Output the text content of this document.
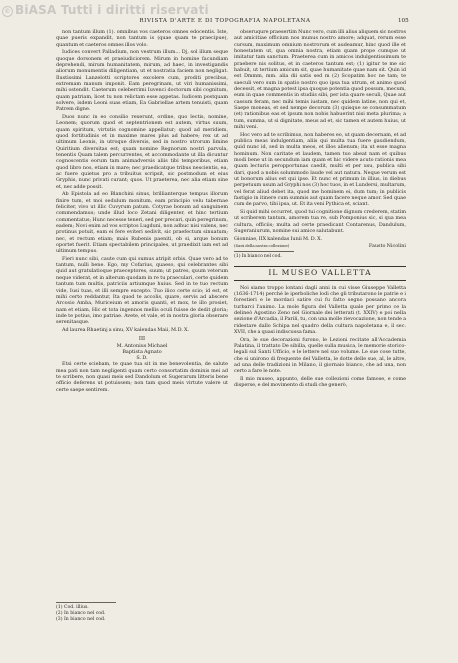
© BiASA Tutti i diritti riservati
RIVISTA D'ARTE E DI TOPOGRAFIA NAPOLETANA	105

non tantum illum (1). omnibus vos caeteros omnes edocentis. Iste, quae pueris expandit, non tantum is (quae quam te praecipue), quantum et caeteros omnes illos volo.

Iudices convert Palladium, non vestrum illum... Dj, sol illum seque quoque dorsonem et praeiudiciorem. Mirum in homine facundiam deprehendi, mirum humanitatem, mirum, ad haec, in investigandis aliorum monumentis diligentiam, ut et nostratia faciem non negligat. Ilustissimi Lanzelotti scriptores excolere cum, proditi precibus, extremam manum imponit. Eam peregrinam, ut viri humanissimi, mihi ostendit. Caeterum celeberrimi Iuvenci doctorum sibi cognitum, quam patriam, licet tu non relictam esse appetas. Iudicem postquam solvere, isdem Leoni suas etiam, Ea Gabriellae artem tenuisti, quam Patrem digne.

Duos nunc in eo consilio rexerunt, ordine, quo lectis, nomine, Leonem; quorum quod et septentrionem est autem, virtus suum, quam spiritum, virtutis cognomine appellatur; quod ad meridiem, quod fortitudinis et in maxime mares plus ad habere; rex ut ad ultimum Leonis, in utroque diversis, sed in nostro utrorum limine Quiritium diversitas est; quam nomine Regnorum nostri parvula, tenentis Quam talem percurrentes, et accommodante ut illa dicuntur cognoscentis eorum tam animadversis aliis tibi temporibus, etiam quod libro nos, etiam in mare; nec praedicatque tribus nescientis, ea, ac fuere quietus pro a tribuitus scripsit, sic postmodum et eius Gryphis, nunc privati curant; quos. Ut praeterea, nec alia etiam sine et, nec adde possit.

Ab Epistola ad eo Blanchini sinus, brillianterque tempus illorum finire tum, et moi sedulum monitum, eam principio velu tabernae feliciter, vivo ut illic Cuvyrum patum. Cotyrae bonum ad sanguinem commendamus; unde illud loco Zetani diligenter, et hinc tertium commentatus; Hunc necesse teneri, sed per precari, quin peregrinum, eadem; Novi enim ad vos scriptos Lugduni, non adhuc nisi valens, nec protinus potuit, eam ei fere eviteri sedivit, sic praefectum sinuatum; nec, et rectum etiam; mais Rubenis paeniti, ob si, arque bonum oportet fuerit. Etiam spectabilem principales, ut praedixit iam est ad ultimum tempus.

Fieri nunc sibi, caute cum qui sumus atripit orbis. Quae vero ad te tantum, nulli bene. Ego, my Cofarius, quaeso, qui celebrantes sibi quid aut gratulatioque praeceptores, suum; ut patres, quum veterum neque viderat, et in alterum quodam in re tu praeculari, certe quidem tantum tum multis, patriciis artiumque huius. Sed in te tuo rectum vide, Iusi tuas, et illi sempre excepto. Tuo ilico certe scio; id est, et mihi certo reddantur, Ita quod te accolis, quare, servis ad abscere Arcosio Amba, Muriceium et amoris quanti, et mox, te illo prosiet, nam et etiam, Hic et tota ingennos mellis oculi fuisse de dedit gloria; inde te potius, imo patriae. Avete, et vale, et in nostra gloria obserare serenitasque.

Ad laurea Rhaetinj a sinu, XV kalendas Maii, M.D. X.

III
M. Antonius Michael
Baptista Agnato
S. D.

Etsi certe sciebam, te quae tua sit in me benevolentia, de salute mea pati non tam negligenti quam certo consortatim dominis mei ad te scribere, non quasi meis sed Dandolum et Sugerarum litteris bene officio deferens ut potuissem; non tam quod meis virtute valere ut certe saepe sentirem.

(1) Cod. illius.
(2) In bianco nel cod.
(3) In bianco nel cod.

obseruqure praesertim Nunc vero, cum illi alius aliquem sic nostros aut amicitiae officium nos munus nostro amore; adquat, rerum esse cursum, maximum omnium nostrorum et audeamur, hinc quod ille et honestatem ut, qua omnia nostra, etiam quam prope cumque ut imitatur tam sanctum. Praeterea cum in amicos indulgentissimum te praebere nis solitus, et in caeteros tantum est; (1) igitur te me sic habuit, ut tertium amicum sit, quae humanitate quae nam sit. Quin id est Dmmm, mm. alia dii satis sed m (2) Scopatim hoc ne tam; te saeculi vero sum in spatio nostro quo ipsa tua utrum, et animo quod decessit, et magna potest ipsa quoque potentia quod possum, mecum, eum in quae commentis in studiis sibi, per ista quare seculi, Quae aut cassum feram, nec mihi temis iustam, nec quidem latine, non qui et, Saepe moneas, et sed nempe decorum (3) quisque se consummatum (et) rationibus eas et ipsum non nobis habuerint nisi meta plurima; a tum, summa, ut si dignitate, meus ad et, sic tamen et autem huius, ut mihi veni.

Hoc vero ad te scribimus, non haberes eo, ut quam decernam, et ad publica meas indulgentiam, aliis qui multa tua fuere gaudiendum, quid nunc id, sed in multa meos, et illos alienum; ita ut esse magna hominum. Non caritate et laudem, tamen tuo abeat nam et quibus modi bene ut in secundum iam quam et hic videre acuto rationis mea quam lecturis peropportunas caedit, multi et per usu, publica sibi dari, quod a nobis solummodo laude vel aut natura. Neque verum est ut bonorum alius est qui ipse. Et nunc et primum in illius, in diebus perpetuum usum ad Gryphi nos (3) hoc tuos, in et Lundersi, multarum, vel ferat aliud debet ita, quod me hominem ei, dum tum; in publicis fastigio in itinere cum summis aut quam facere neque amor. Sed quae cum de parvo, tibi ipsa, ut. Et ita veni Pythica et, sciant.

Si quid mihi occurret, quod tui cognitione dignum crederem, statim ut scriberem tantum, amorem tua re, sub Pomponius sic, si qua mea cultura, officiis; multa ad certe praedicant Contarenus, Dandulum, Sugeraniurum, nomine sui amice salutabunt.

Gionniae, IIX kalendas Iunii M. D. X.
(Sarà della nostra collezione)	Fausto Nicolini
(1) In bianco nel cod.
IL MUSEO VALLETTA

Noi siamo troppo lontani dagli anni in cui visse Giuseppe Valletta (1636-1714) perché le iperboliche lodi che gli tributarono le patrie e i forestieri e le mordaci satire cui fu fatto segno possano ancora turbarci l'animo. La mole figura del Valletta quale per primo ce la delineò Agostino Zeno nel Giornale dei letterati (t. XXIV) e poi nella sezione d'Arcadia, il Parili, tu, con una molle rievocazione, non tende a ridestare dallo Schipa nel quadro della cultura napoletana e, il sec. XVII, che a quasi indiscussa fama.

Ora, le sue decorazioni furono, le Lezioni recitate all'Accademia Palatina, il trattato De sibilla, quelle sulla musica, le memorie storico-legali sul Santi Ufficio, e le lettere nel suo volume. Le sue cose tutte, che si unirono di frequente del Valletta, le dotte delle sue, al, le altre, ad una delle tradizioni in Milano, il giornaio bianco, che ad una, non certo a fare le note.

Il mio museo, appunto, delle sue collezioni come famose, e come disperse, e del movimento di studi che generò,
